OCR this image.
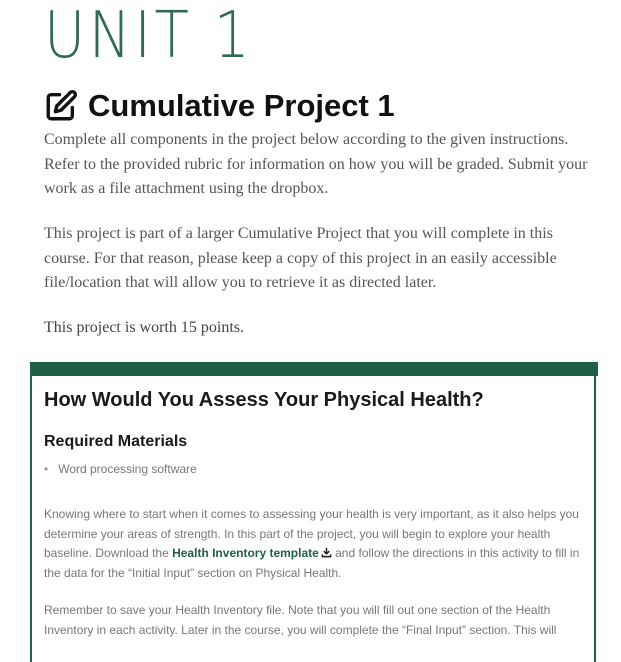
UNIT 1
Cumulative Project 1

Complete all components in the project below according to the given instructions. Refer to the provided rubric for information on how you will be graded. Submit your work as a file attachment using the dropbox.

This project is part of a larger Cumulative Project that you will complete in this course. For that reason, please keep a copy of this project in an easily accessible file/location that will allow you to retrieve it as directed later.

This project is worth 15 points.

How Would You Assess Your Physical Health?
Required Materials
• Word processing software

Knowing where to start when it comes to assessing your health is very important, as it also helps you determine your areas of strength. In this part of the project, you will begin to explore your health baseline. Download the Health Inventory template and follow the directions in this activity to fill in the data for the “Initial Input” section on Physical Health.

Remember to save your Health Inventory file. Note that you will fill out one section of the Health Inventory in each activity. Later in the course, you will complete the “Final Input” section. This will
